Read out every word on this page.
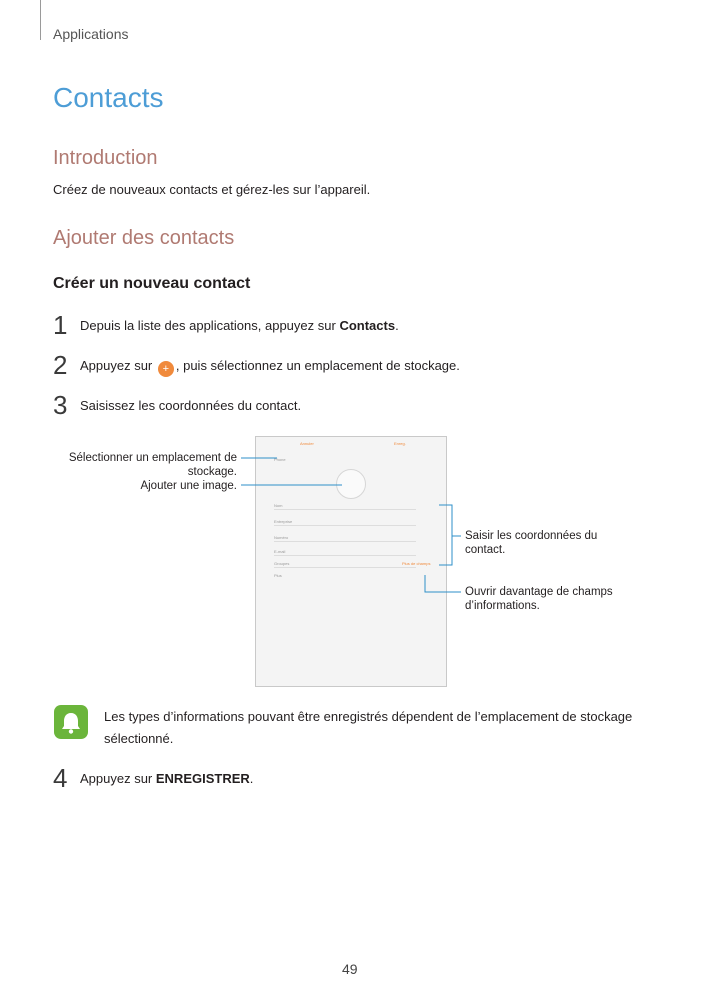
Applications
Contacts
Introduction
Créez de nouveaux contacts et gérez-les sur l’appareil.
Ajouter des contacts
Créer un nouveau contact
1 Depuis la liste des applications, appuyez sur Contacts.
2 Appuyez sur + , puis sélectionnez un emplacement de stockage.
3 Saisissez les coordonnées du contact.
Sélectionner un emplacement de stockage.
Ajouter une image.
Saisir les coordonnées du contact.
Ouvrir davantage de champs d’informations.
Annuler	Enreg.
Phone
Nom
Entreprise
Numéro
E-mail
Groupes	Plus de champs
Plus
Les types d’informations pouvant être enregistrés dépendent de l’emplacement de stockage sélectionné.
4 Appuyez sur ENREGISTRER.
49
